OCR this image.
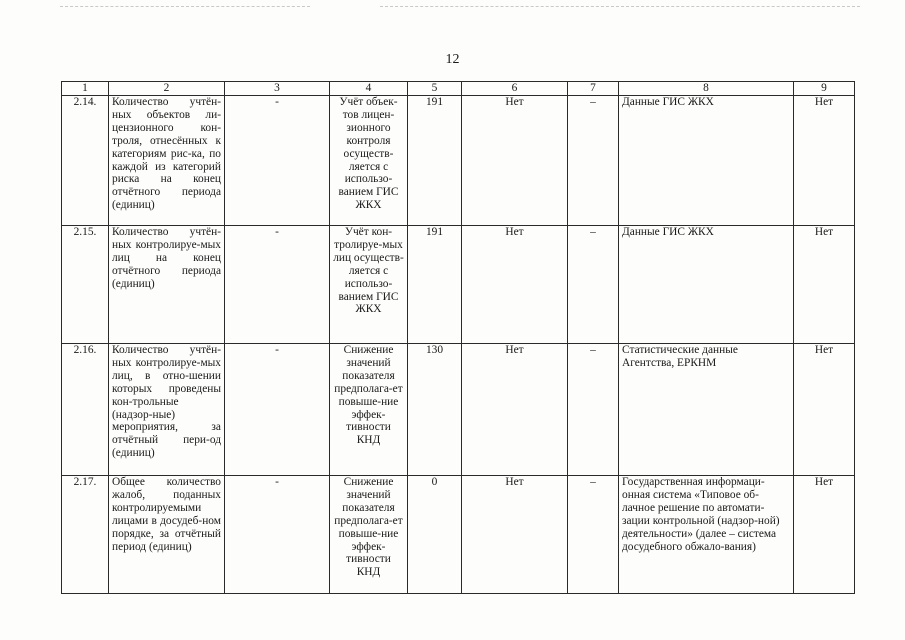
12
1	2	3	4	5	6	7	8	9
2.14.	Количество учтён-ных объектов ли-цензионного кон-троля, отнесённых к категориям рис-ка, по каждой из категорий риска на конец отчётного периода (единиц)	-	Учёт объек-тов лицен-зионного контроля осуществ-ляется с использо-ванием ГИС ЖКХ	191	Нет	–	Данные ГИС ЖКХ	Нет
2.15.	Количество учтён-ных контролируе-мых лиц на конец отчётного периода (единиц)	-	Учёт кон-тролируе-мых лиц осуществ-ляется с использо-ванием ГИС ЖКХ	191	Нет	–	Данные ГИС ЖКХ	Нет
2.16.	Количество учтён-ных контролируе-мых лиц, в отно-шении которых проведены кон-трольные (надзор-ные) мероприятия, за отчётный пери-од (единиц)	-	Снижение значений показателя предполага-ет повыше-ние эффек-тивности КНД	130	Нет	–	Статистические данные Агентства, ЕРКНМ	Нет
2.17.	Общее количество жалоб, поданных контролируемыми лицами в досудеб-ном порядке, за отчётный период (единиц)	-	Снижение значений показателя предполага-ет повыше-ние эффек-тивности КНД	0	Нет	–	Государственная информаци-онная система «Типовое об-лачное решение по автомати-зации контрольной (надзор-ной) деятельности» (далее – система досудебного обжало-вания)	Нет
